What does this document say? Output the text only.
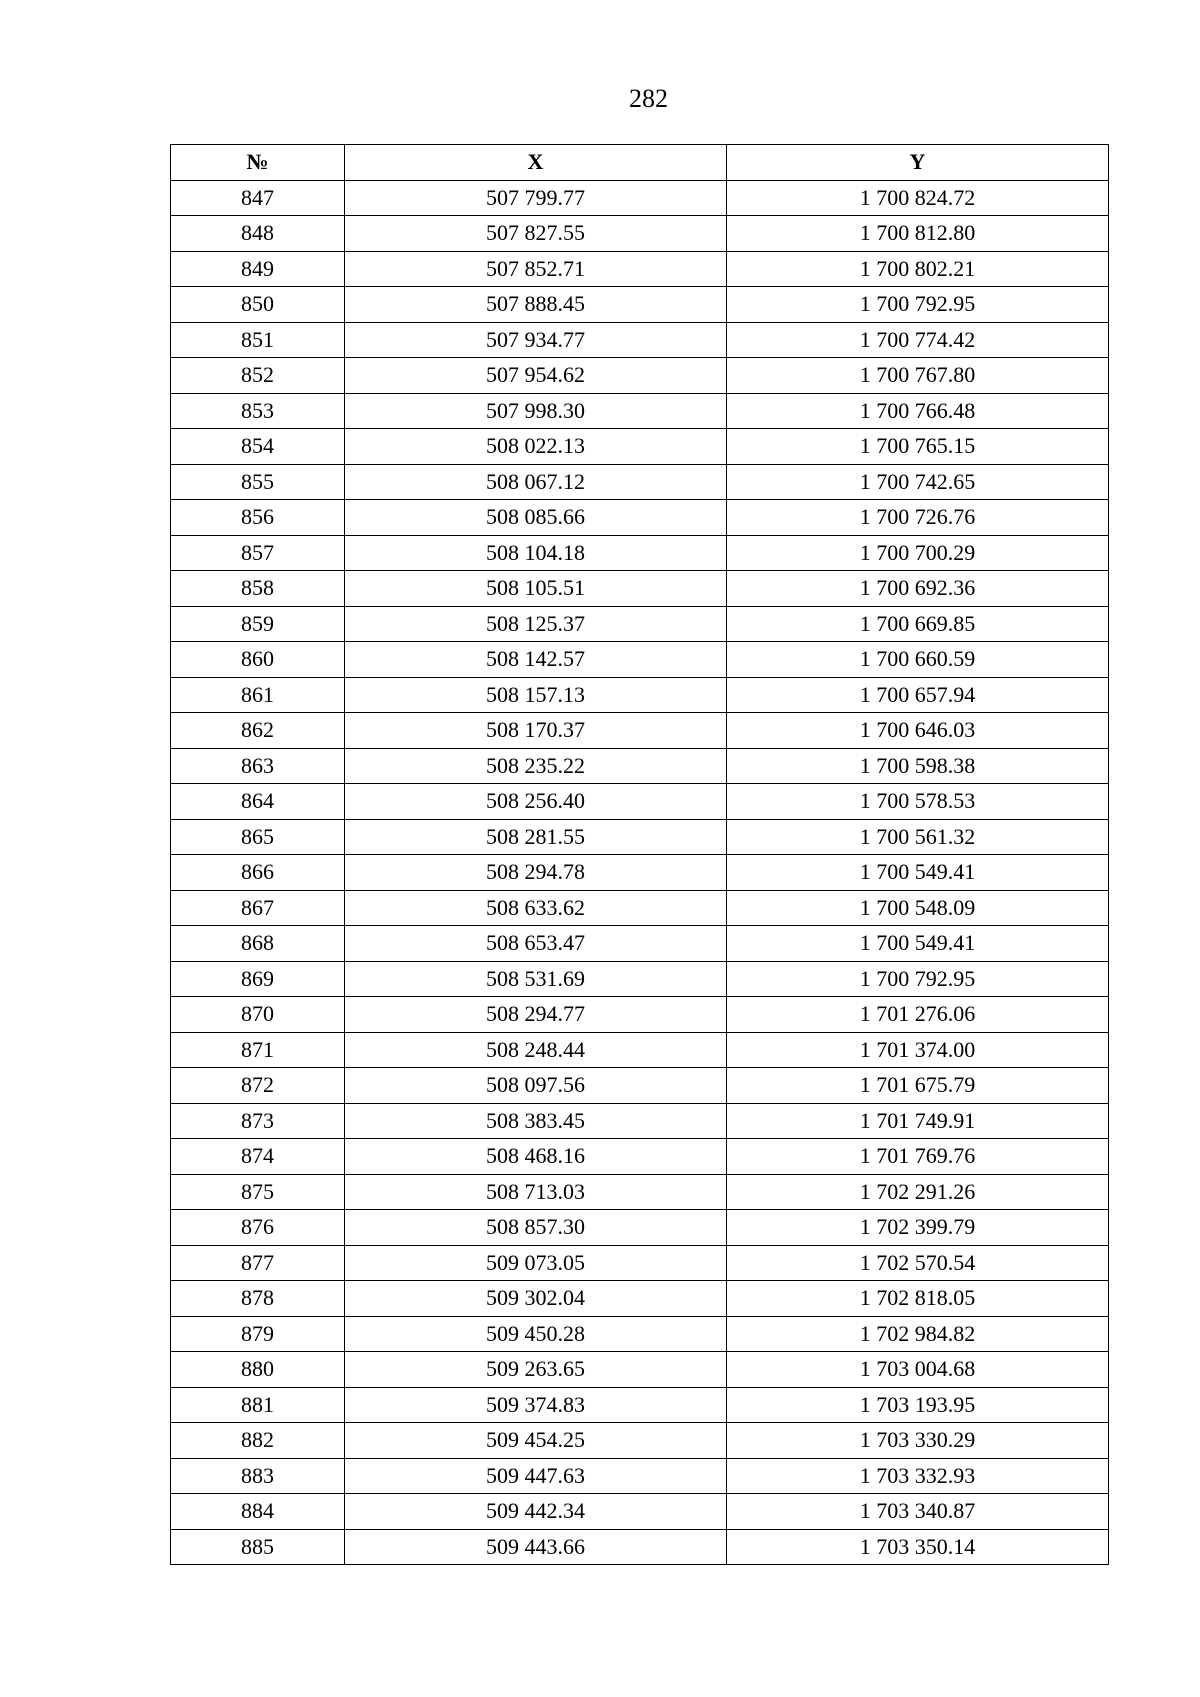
282
№	X	Y
847	507 799.77	1 700 824.72
848	507 827.55	1 700 812.80
849	507 852.71	1 700 802.21
850	507 888.45	1 700 792.95
851	507 934.77	1 700 774.42
852	507 954.62	1 700 767.80
853	507 998.30	1 700 766.48
854	508 022.13	1 700 765.15
855	508 067.12	1 700 742.65
856	508 085.66	1 700 726.76
857	508 104.18	1 700 700.29
858	508 105.51	1 700 692.36
859	508 125.37	1 700 669.85
860	508 142.57	1 700 660.59
861	508 157.13	1 700 657.94
862	508 170.37	1 700 646.03
863	508 235.22	1 700 598.38
864	508 256.40	1 700 578.53
865	508 281.55	1 700 561.32
866	508 294.78	1 700 549.41
867	508 633.62	1 700 548.09
868	508 653.47	1 700 549.41
869	508 531.69	1 700 792.95
870	508 294.77	1 701 276.06
871	508 248.44	1 701 374.00
872	508 097.56	1 701 675.79
873	508 383.45	1 701 749.91
874	508 468.16	1 701 769.76
875	508 713.03	1 702 291.26
876	508 857.30	1 702 399.79
877	509 073.05	1 702 570.54
878	509 302.04	1 702 818.05
879	509 450.28	1 702 984.82
880	509 263.65	1 703 004.68
881	509 374.83	1 703 193.95
882	509 454.25	1 703 330.29
883	509 447.63	1 703 332.93
884	509 442.34	1 703 340.87
885	509 443.66	1 703 350.14
